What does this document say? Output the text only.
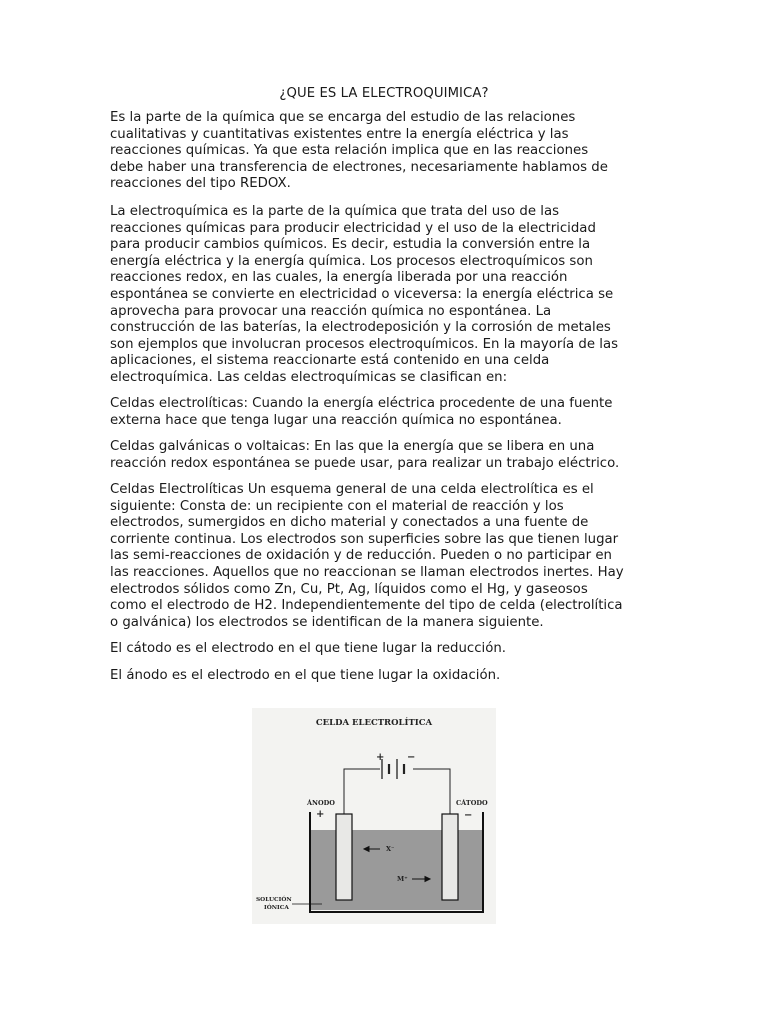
¿QUE ES LA ELECTROQUIMICA?

Es la parte de la química que se encarga del estudio de las relaciones
cualitativas y cuantitativas existentes entre la energía eléctrica y las
reacciones químicas. Ya que esta relación implica que en las reacciones
debe haber una transferencia de electrones, necesariamente hablamos de
reacciones del tipo REDOX.

La electroquímica es la parte de la química que trata del uso de las
reacciones químicas para producir electricidad y el uso de la electricidad
para producir cambios químicos. Es decir, estudia la conversión entre la
energía eléctrica y la energía química. Los procesos electroquímicos son
reacciones redox, en las cuales, la energía liberada por una reacción
espontánea se convierte en electricidad o viceversa: la energía eléctrica se
aprovecha para provocar una reacción química no espontánea. La
construcción de las baterías, la electrodeposición y la corrosión de metales
son ejemplos que involucran procesos electroquímicos. En la mayoría de las
aplicaciones, el sistema reaccionarte está contenido en una celda
electroquímica. Las celdas electroquímicas se clasifican en:

Celdas electrolíticas: Cuando la energía eléctrica procedente de una fuente
externa hace que tenga lugar una reacción química no espontánea.

Celdas galvánicas o voltaicas: En las que la energía que se libera en una
reacción redox espontánea se puede usar, para realizar un trabajo eléctrico.

Celdas Electrolíticas Un esquema general de una celda electrolítica es el
siguiente: Consta de: un recipiente con el material de reacción y los
electrodos, sumergidos en dicho material y conectados a una fuente de
corriente continua. Los electrodos son superficies sobre las que tienen lugar
las semi-reacciones de oxidación y de reducción. Pueden o no participar en
las reacciones. Aquellos que no reaccionan se llaman electrodos inertes. Hay
electrodos sólidos como Zn, Cu, Pt, Ag, líquidos como el Hg, y gaseosos
como el electrodo de H2. Independientemente del tipo de celda (electrolítica
o galvánica) los electrodos se identifican de la manera siguiente.

El cátodo es el electrodo en el que tiene lugar la reducción.

El ánodo es el electrodo en el que tiene lugar la oxidación.

CELDA ELECTROLÍTICA
+ −
ÁNODO
+
CÁTODO
−
X⁻
M⁺
SOLUCIÓN
IÓNICA
